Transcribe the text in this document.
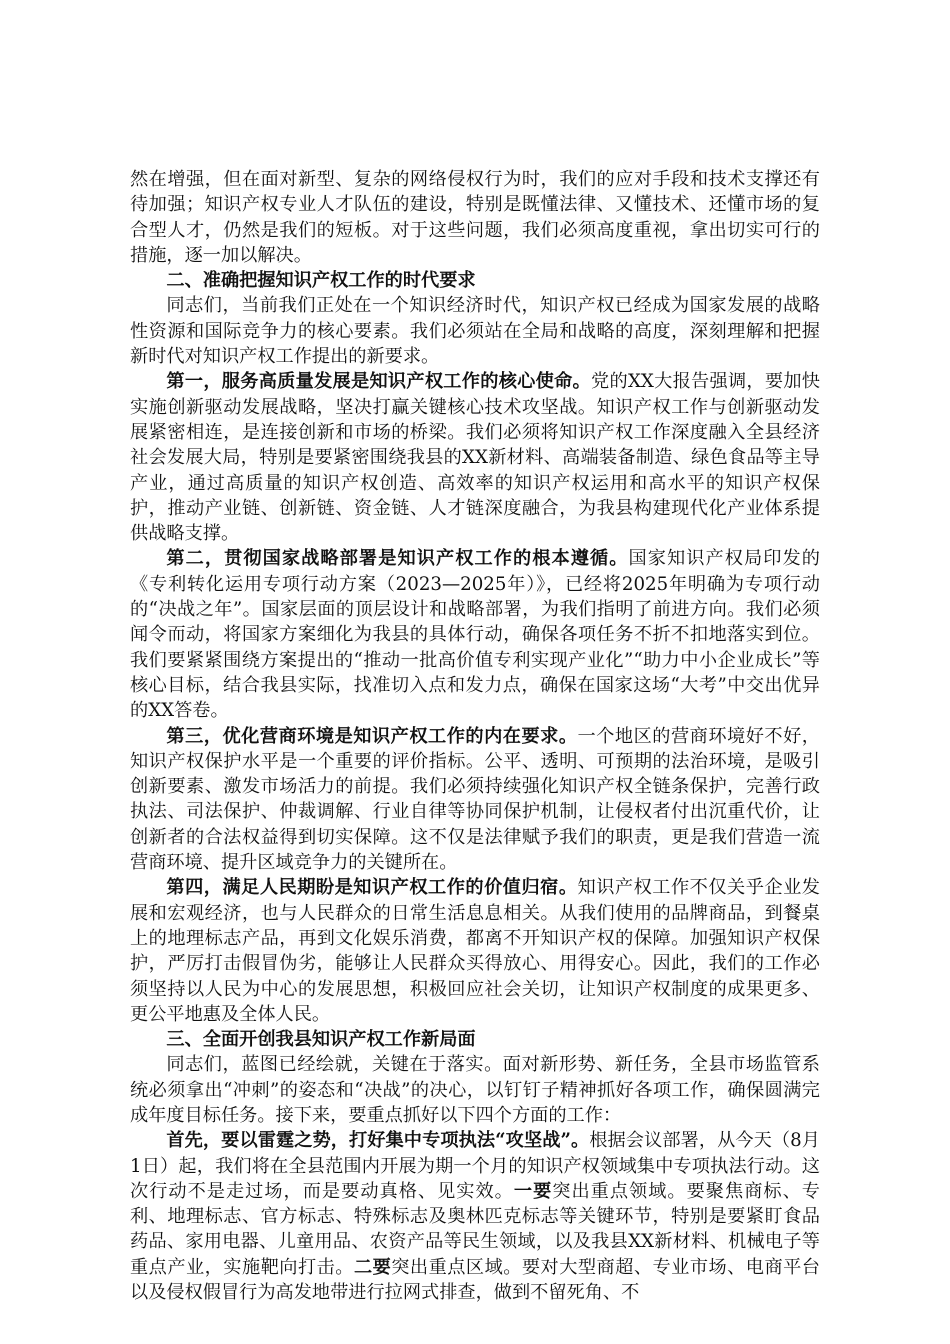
然在增强，但在面对新型、复杂的网络侵权行为时，我们的应对手段和技术支撑还有待加强；知识产权专业人才队伍的建设，特别是既懂法律、又懂技术、还懂市场的复合型人才，仍然是我们的短板。对于这些问题，我们必须高度重视，拿出切实可行的措施，逐一加以解决。

二、准确把握知识产权工作的时代要求

同志们，当前我们正处在一个知识经济时代，知识产权已经成为国家发展的战略性资源和国际竞争力的核心要素。我们必须站在全局和战略的高度，深刻理解和把握新时代对知识产权工作提出的新要求。

第一，服务高质量发展是知识产权工作的核心使命。党的XX大报告强调，要加快实施创新驱动发展战略，坚决打赢关键核心技术攻坚战。知识产权工作与创新驱动发展紧密相连，是连接创新和市场的桥梁。我们必须将知识产权工作深度融入全县经济社会发展大局，特别是要紧密围绕我县的XX新材料、高端装备制造、绿色食品等主导产业，通过高质量的知识产权创造、高效率的知识产权运用和高水平的知识产权保护，推动产业链、创新链、资金链、人才链深度融合，为我县构建现代化产业体系提供战略支撑。

第二，贯彻国家战略部署是知识产权工作的根本遵循。国家知识产权局印发的《专利转化运用专项行动方案（2023—2025年）》，已经将2025年明确为专项行动的“决战之年”。国家层面的顶层设计和战略部署，为我们指明了前进方向。我们必须闻令而动，将国家方案细化为我县的具体行动，确保各项任务不折不扣地落实到位。我们要紧紧围绕方案提出的“推动一批高价值专利实现产业化”“助力中小企业成长”等核心目标，结合我县实际，找准切入点和发力点，确保在国家这场“大考”中交出优异的XX答卷。

第三，优化营商环境是知识产权工作的内在要求。一个地区的营商环境好不好，知识产权保护水平是一个重要的评价指标。公平、透明、可预期的法治环境，是吸引创新要素、激发市场活力的前提。我们必须持续强化知识产权全链条保护，完善行政执法、司法保护、仲裁调解、行业自律等协同保护机制，让侵权者付出沉重代价，让创新者的合法权益得到切实保障。这不仅是法律赋予我们的职责，更是我们营造一流营商环境、提升区域竞争力的关键所在。

第四，满足人民期盼是知识产权工作的价值归宿。知识产权工作不仅关乎企业发展和宏观经济，也与人民群众的日常生活息息相关。从我们使用的品牌商品，到餐桌上的地理标志产品，再到文化娱乐消费，都离不开知识产权的保障。加强知识产权保护，严厉打击假冒伪劣，能够让人民群众买得放心、用得安心。因此，我们的工作必须坚持以人民为中心的发展思想，积极回应社会关切，让知识产权制度的成果更多、更公平地惠及全体人民。

三、全面开创我县知识产权工作新局面

同志们，蓝图已经绘就，关键在于落实。面对新形势、新任务，全县市场监管系统必须拿出“冲刺”的姿态和“决战”的决心，以钉钉子精神抓好各项工作，确保圆满完成年度目标任务。接下来，要重点抓好以下四个方面的工作：

首先，要以雷霆之势，打好集中专项执法“攻坚战”。根据会议部署，从今天（8月1日）起，我们将在全县范围内开展为期一个月的知识产权领域集中专项执法行动。这次行动不是走过场，而是要动真格、见实效。一要突出重点领域。要聚焦商标、专利、地理标志、官方标志、特殊标志及奥林匹克标志等关键环节，特别是要紧盯食品药品、家用电器、儿童用品、农资产品等民生领域，以及我县XX新材料、机械电子等重点产业，实施靶向打击。二要突出重点区域。要对大型商超、专业市场、电商平台以及侵权假冒行为高发地带进行拉网式排查，做到不留死角、不
